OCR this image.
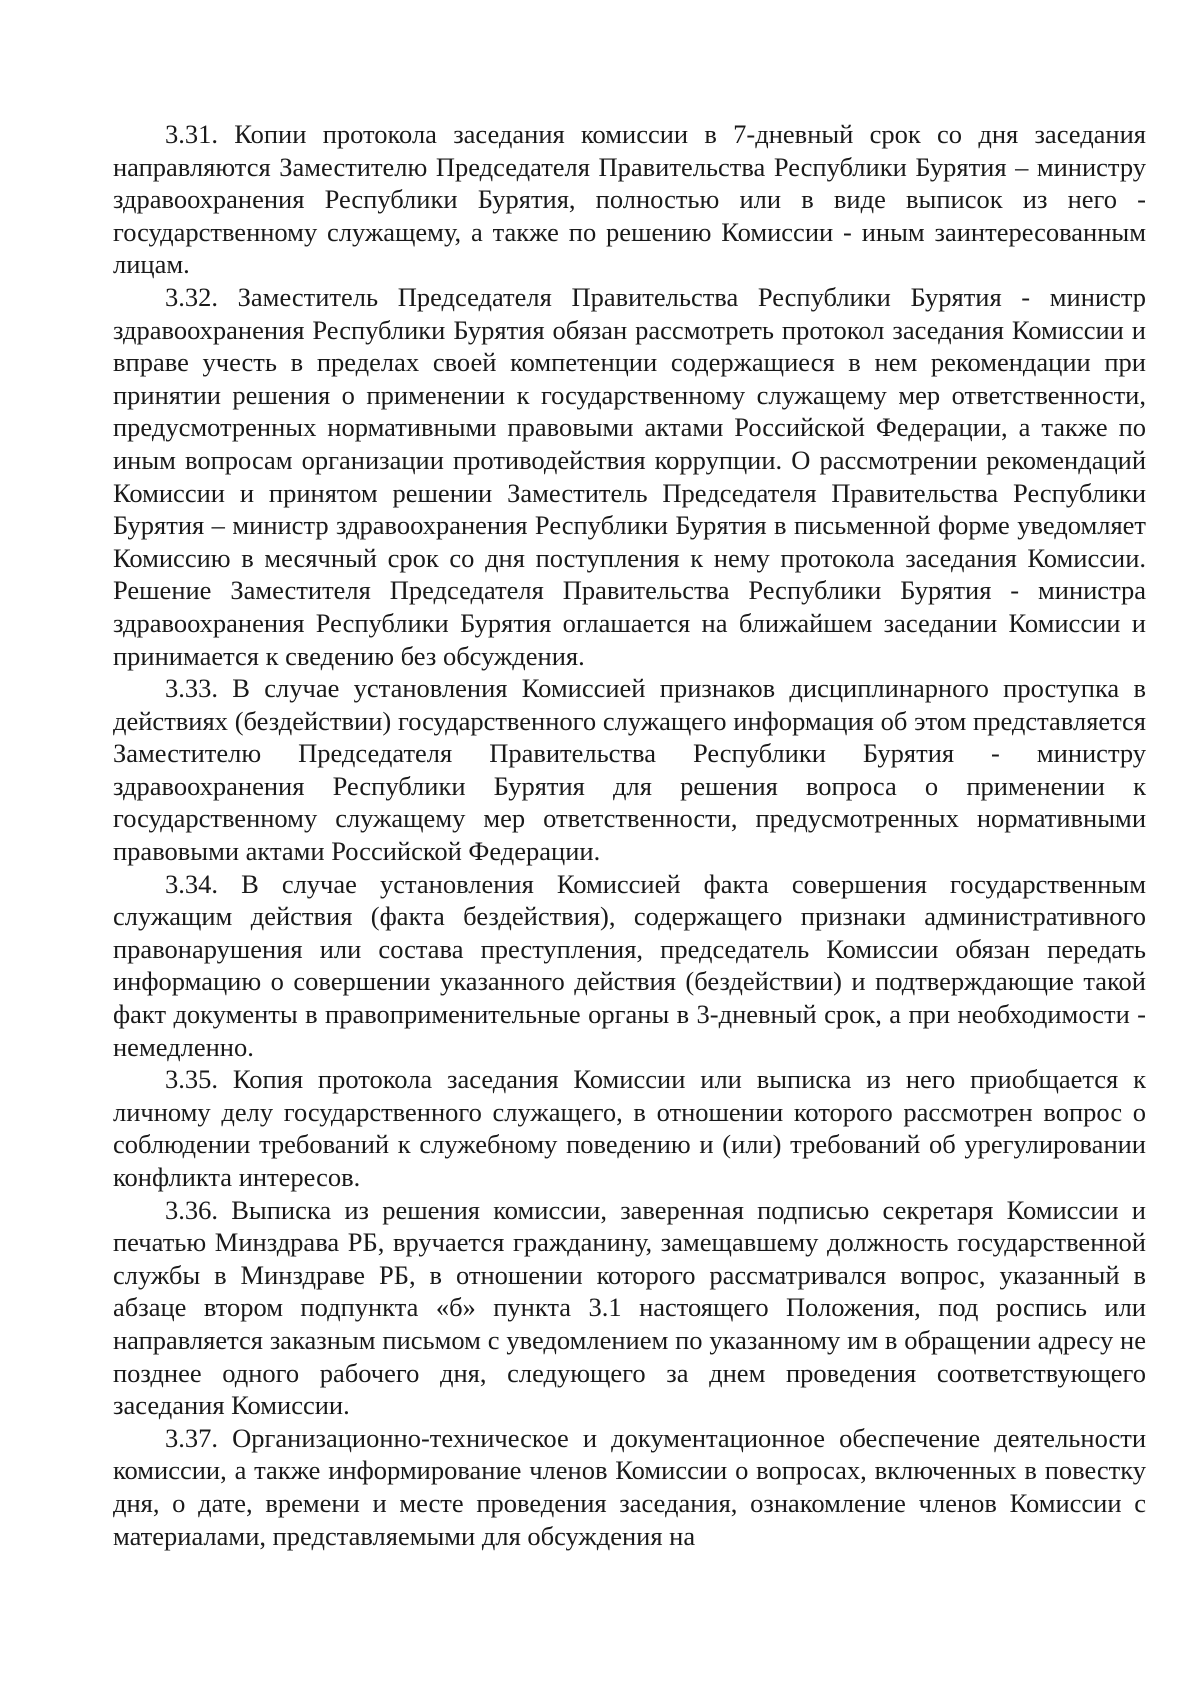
3.31. Копии протокола заседания комиссии в 7-дневный срок со дня заседания направляются Заместителю Председателя Правительства Республики Бурятия – министру здравоохранения Республики Бурятия, полностью или в виде выписок из него - государственному служащему, а также по решению Комиссии - иным заинтересованным лицам.

3.32. Заместитель Председателя Правительства Республики Бурятия - министр здравоохранения Республики Бурятия обязан рассмотреть протокол заседания Комиссии и вправе учесть в пределах своей компетенции содержащиеся в нем рекомендации при принятии решения о применении к государственному служащему мер ответственности, предусмотренных нормативными правовыми актами Российской Федерации, а также по иным вопросам организации противодействия коррупции. О рассмотрении рекомендаций Комиссии и принятом решении Заместитель Председателя Правительства Республики Бурятия – министр здравоохранения Республики Бурятия в письменной форме уведомляет Комиссию в месячный срок со дня поступления к нему протокола заседания Комиссии. Решение Заместителя Председателя Правительства Республики Бурятия - министра здравоохранения Республики Бурятия оглашается на ближайшем заседании Комиссии и принимается к сведению без обсуждения.

3.33. В случае установления Комиссией признаков дисциплинарного проступка в действиях (бездействии) государственного служащего информация об этом представляется Заместителю Председателя Правительства Республики Бурятия - министру здравоохранения Республики Бурятия для решения вопроса о применении к государственному служащему мер ответственности, предусмотренных нормативными правовыми актами Российской Федерации.

3.34. В случае установления Комиссией факта совершения государственным служащим действия (факта бездействия), содержащего признаки административного правонарушения или состава преступления, председатель Комиссии обязан передать информацию о совершении указанного действия (бездействии) и подтверждающие такой факт документы в правоприменительные органы в 3-дневный срок, а при необходимости - немедленно.

3.35. Копия протокола заседания Комиссии или выписка из него приобщается к личному делу государственного служащего, в отношении которого рассмотрен вопрос о соблюдении требований к служебному поведению и (или) требований об урегулировании конфликта интересов.

3.36. Выписка из решения комиссии, заверенная подписью секретаря Комиссии и печатью Минздрава РБ, вручается гражданину, замещавшему должность государственной службы в Минздраве РБ, в отношении которого рассматривался вопрос, указанный в абзаце втором подпункта «б» пункта 3.1 настоящего Положения, под роспись или направляется заказным письмом с уведомлением по указанному им в обращении адресу не позднее одного рабочего дня, следующего за днем проведения соответствующего заседания Комиссии.

3.37. Организационно-техническое и документационное обеспечение деятельности комиссии, а также информирование членов Комиссии о вопросах, включенных в повестку дня, о дате, времени и месте проведения заседания, ознакомление членов Комиссии с материалами, представляемыми для обсуждения на
